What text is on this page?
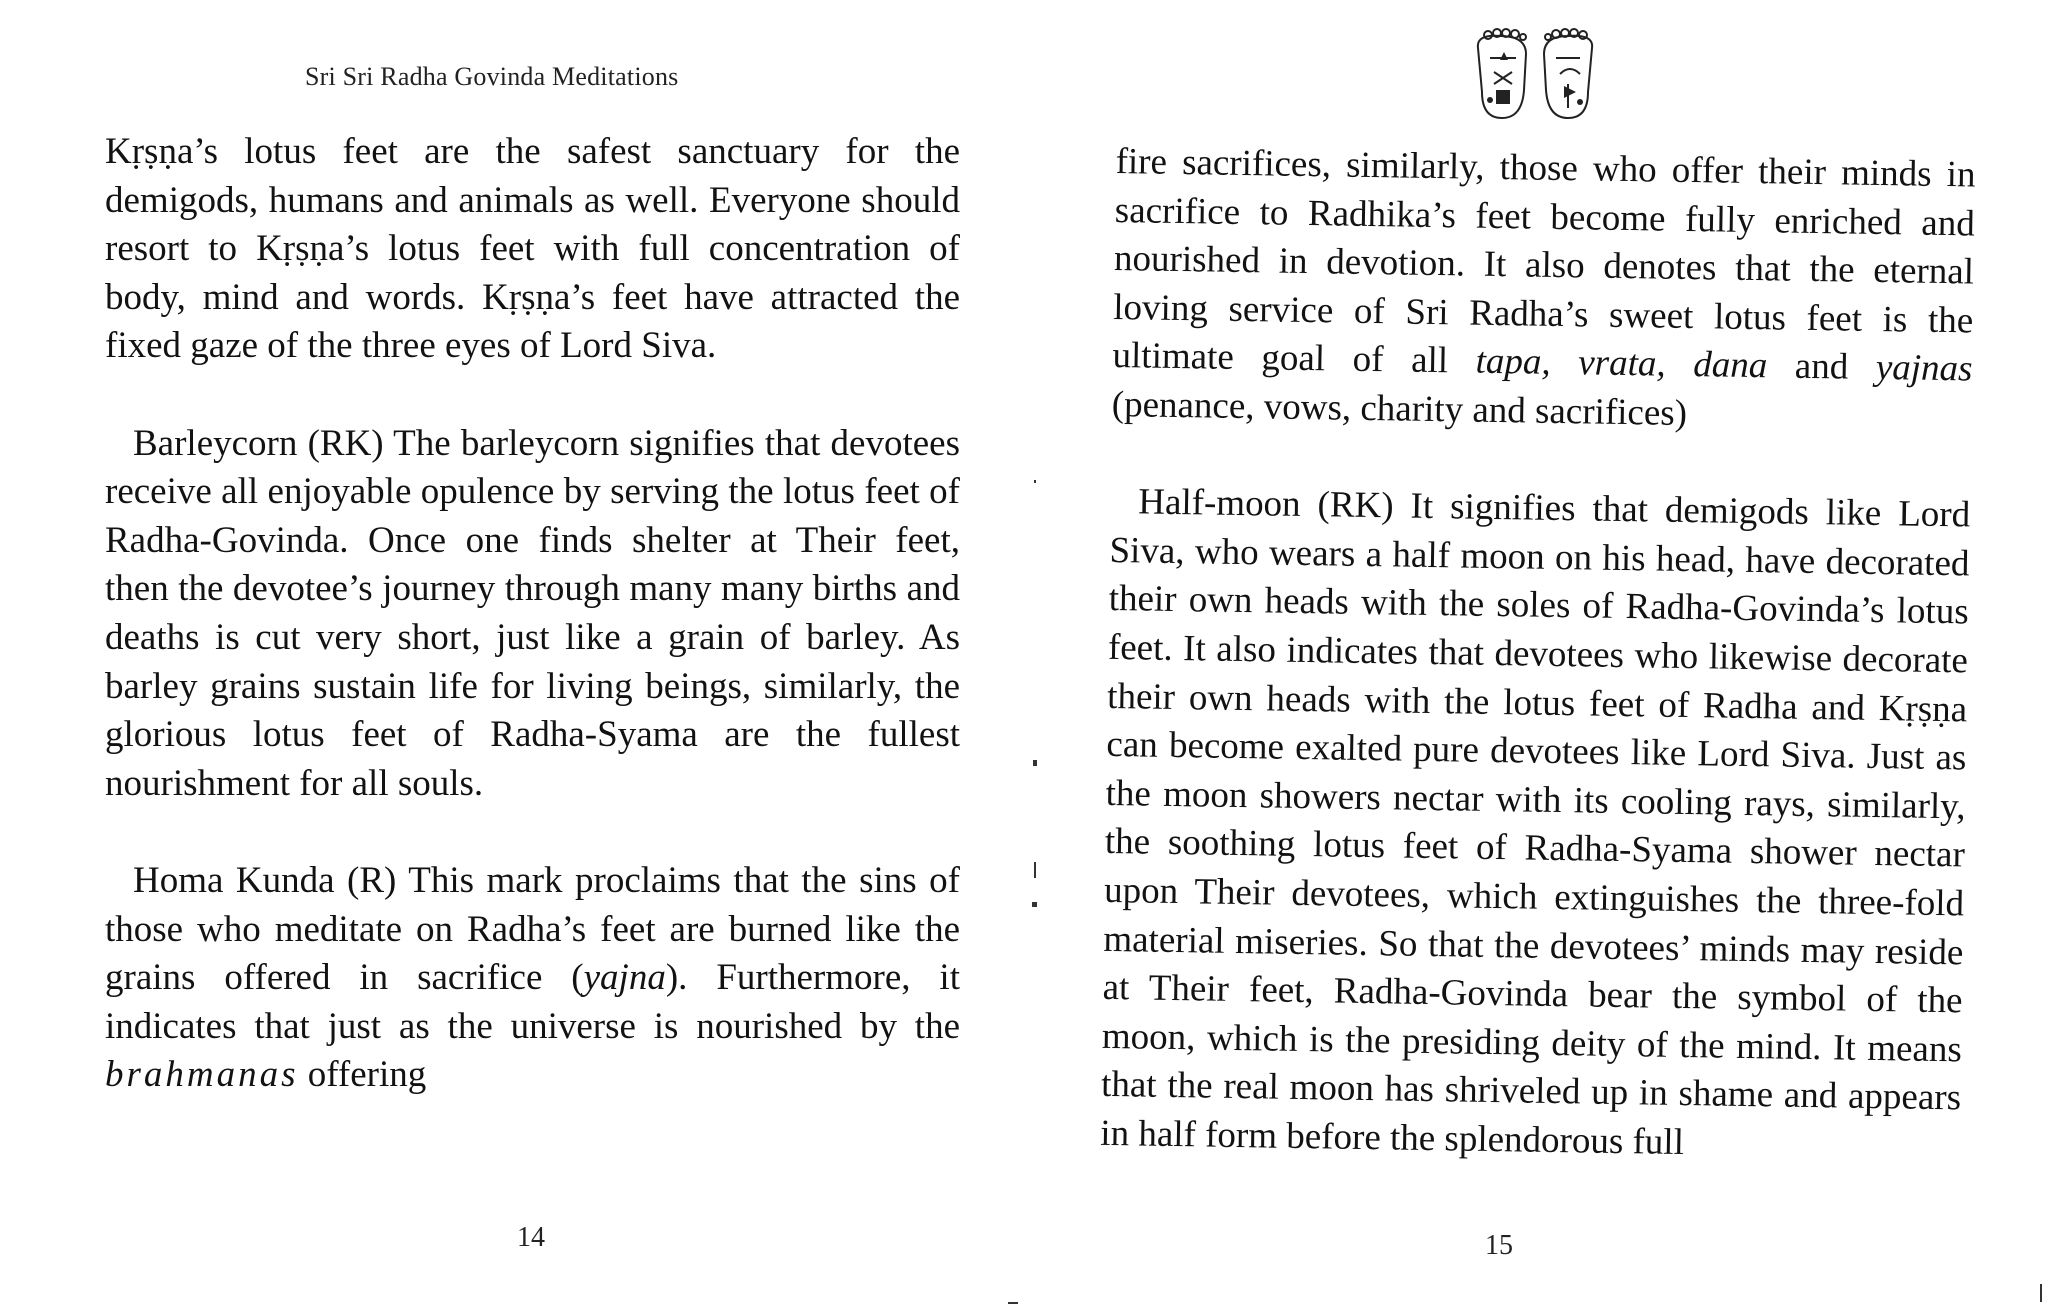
Sri Sri Radha Govinda Meditations

Kṛṣṇa’s lotus feet are the safest sanctuary for the demigods, humans and animals as well. Everyone should resort to Kṛṣṇa’s lotus feet with full concentration of body, mind and words. Kṛṣṇa’s feet have attracted the fixed gaze of the three eyes of Lord Siva.

Barleycorn (RK) The barleycorn signifies that devotees receive all enjoyable opulence by serving the lotus feet of Radha-Govinda. Once one finds shelter at Their feet, then the devotee’s journey through many many births and deaths is cut very short, just like a grain of barley. As barley grains sustain life for living beings, similarly, the glorious lotus feet of Radha-Syama are the fullest nourishment for all souls.

Homa Kunda (R) This mark proclaims that the sins of those who meditate on Radha’s feet are burned like the grains offered in sacrifice (yajna). Furthermore, it indicates that just as the universe is nourished by the brahmanas offering

14

fire sacrifices, similarly, those who offer their minds in sacrifice to Radhika’s feet become fully enriched and nourished in devotion. It also denotes that the eternal loving service of Sri Radha’s sweet lotus feet is the ultimate goal of all tapa, vrata, dana and yajnas (penance, vows, charity and sacrifices)

Half-moon (RK) It signifies that demigods like Lord Siva, who wears a half moon on his head, have decorated their own heads with the soles of Radha-Govinda’s lotus feet. It also indicates that devotees who likewise decorate their own heads with the lotus feet of Radha and Kṛṣṇa can become exalted pure devotees like Lord Siva. Just as the moon showers nectar with its cooling rays, similarly, the soothing lotus feet of Radha-Syama shower nectar upon Their devotees, which extinguishes the three-fold material miseries. So that the devotees’ minds may reside at Their feet, Radha-Govinda bear the symbol of the moon, which is the presiding deity of the mind. It means that the real moon has shriveled up in shame and appears in half form before the splendorous full

15
